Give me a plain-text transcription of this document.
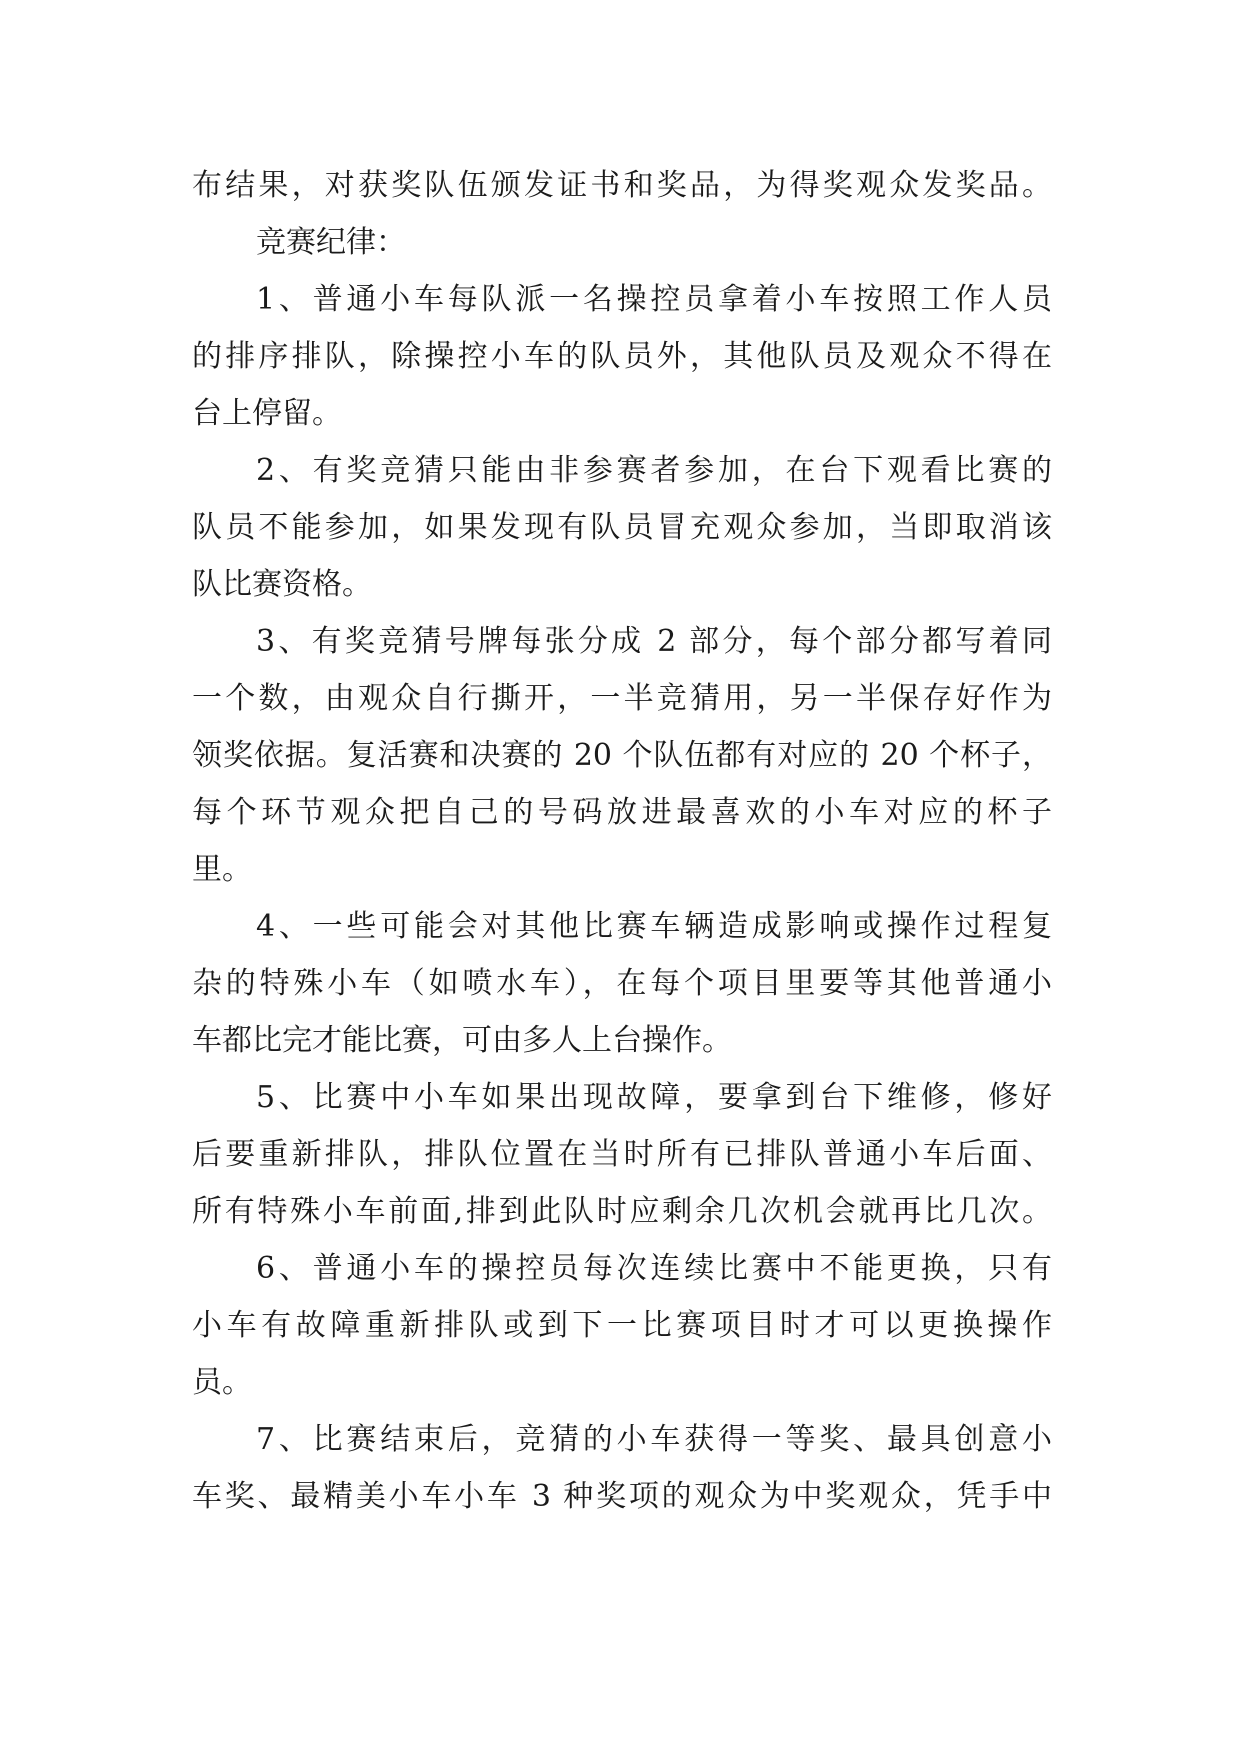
布结果，对获奖队伍颁发证书和奖品，为得奖观众发奖品。
竞赛纪律：
1、普通小车每队派一名操控员拿着小车按照工作人员
的排序排队，除操控小车的队员外，其他队员及观众不得在
台上停留。
2、有奖竞猜只能由非参赛者参加，在台下观看比赛的
队员不能参加，如果发现有队员冒充观众参加，当即取消该
队比赛资格。
3、有奖竞猜号牌每张分成 2 部分，每个部分都写着同
一个数，由观众自行撕开，一半竞猜用，另一半保存好作为
领奖依据。复活赛和决赛的 20 个队伍都有对应的 20 个杯子，
每个环节观众把自己的号码放进最喜欢的小车对应的杯子
里。
4、一些可能会对其他比赛车辆造成影响或操作过程复
杂的特殊小车（如喷水车），在每个项目里要等其他普通小
车都比完才能比赛，可由多人上台操作。
5、比赛中小车如果出现故障，要拿到台下维修，修好
后要重新排队，排队位置在当时所有已排队普通小车后面、
所有特殊小车前面,排到此队时应剩余几次机会就再比几次。
6、普通小车的操控员每次连续比赛中不能更换，只有
小车有故障重新排队或到下一比赛项目时才可以更换操作
员。
7、比赛结束后，竞猜的小车获得一等奖、最具创意小
车奖、最精美小车小车 3 种奖项的观众为中奖观众，凭手中
